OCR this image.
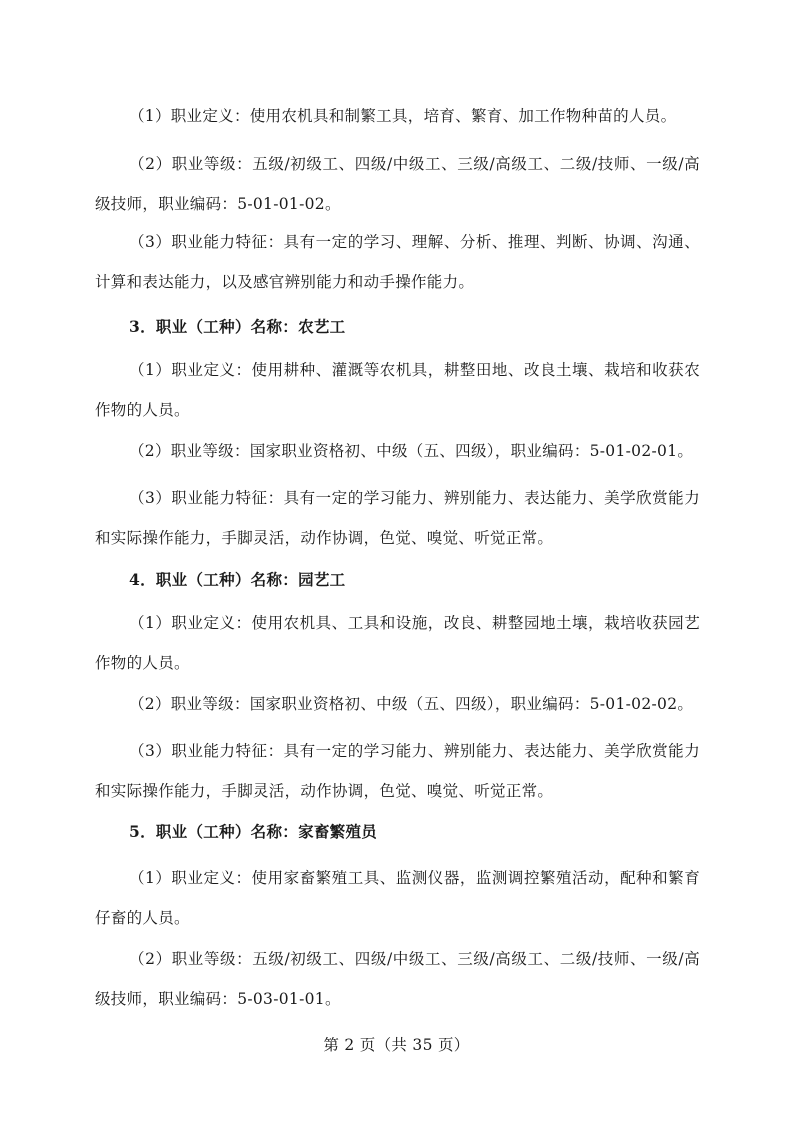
（1）职业定义：使用农机具和制繁工具，培育、繁育、加工作物种苗的人员。

（2）职业等级：五级/初级工、四级/中级工、三级/高级工、二级/技师、一级/高级技师，职业编码：5-01-01-02。

（3）职业能力特征：具有一定的学习、理解、分析、推理、判断、协调、沟通、计算和表达能力，以及感官辨别能力和动手操作能力。

3．职业（工种）名称：农艺工

（1）职业定义：使用耕种、灌溉等农机具，耕整田地、改良土壤、栽培和收获农作物的人员。

（2）职业等级：国家职业资格初、中级（五、四级），职业编码：5-01-02-01。

（3）职业能力特征：具有一定的学习能力、辨别能力、表达能力、美学欣赏能力和实际操作能力，手脚灵活，动作协调，色觉、嗅觉、听觉正常。

4．职业（工种）名称：园艺工

（1）职业定义：使用农机具、工具和设施，改良、耕整园地土壤，栽培收获园艺作物的人员。

（2）职业等级：国家职业资格初、中级（五、四级），职业编码：5-01-02-02。

（3）职业能力特征：具有一定的学习能力、辨别能力、表达能力、美学欣赏能力和实际操作能力，手脚灵活，动作协调，色觉、嗅觉、听觉正常。

5．职业（工种）名称：家畜繁殖员

（1）职业定义：使用家畜繁殖工具、监测仪器，监测调控繁殖活动，配种和繁育仔畜的人员。

（2）职业等级：五级/初级工、四级/中级工、三级/高级工、二级/技师、一级/高级技师，职业编码：5-03-01-01。

第 2 页（共 35 页）
